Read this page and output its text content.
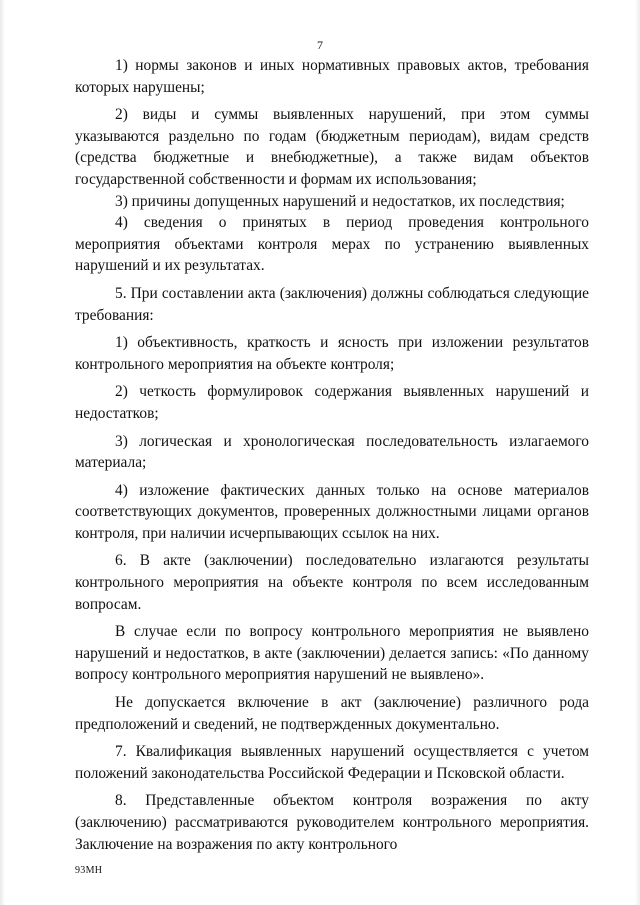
7

1) нормы законов и иных нормативных правовых актов, требования которых нарушены;

2) виды и суммы выявленных нарушений, при этом суммы указываются раздельно по годам (бюджетным периодам), видам средств (средства бюджетные и внебюджетные), а также видам объектов государственной собственности и формам их использования;

3) причины допущенных нарушений и недостатков, их последствия;

4) сведения о принятых в период проведения контрольного мероприятия объектами контроля мерах по устранению выявленных нарушений и их результатах.

5. При составлении акта (заключения) должны соблюдаться следующие требования:

1) объективность, краткость и ясность при изложении результатов контрольного мероприятия на объекте контроля;

2) четкость формулировок содержания выявленных нарушений и недостатков;

3) логическая и хронологическая последовательность излагаемого материала;

4) изложение фактических данных только на основе материалов соответствующих документов, проверенных должностными лицами органов контроля, при наличии исчерпывающих ссылок на них.

6. В акте (заключении) последовательно излагаются результаты контрольного мероприятия на объекте контроля по всем исследованным вопросам.

В случае если по вопросу контрольного мероприятия не выявлено нарушений и недостатков, в акте (заключении) делается запись: «По данному вопросу контрольного мероприятия нарушений не выявлено».

Не допускается включение в акт (заключение) различного рода предположений и сведений, не подтвержденных документально.

7. Квалификация выявленных нарушений осуществляется с учетом положений законодательства Российской Федерации и Псковской области.

8. Представленные объектом контроля возражения по акту (заключению) рассматриваются руководителем контрольного мероприятия. Заключение на возражения по акту контрольного

93МН
